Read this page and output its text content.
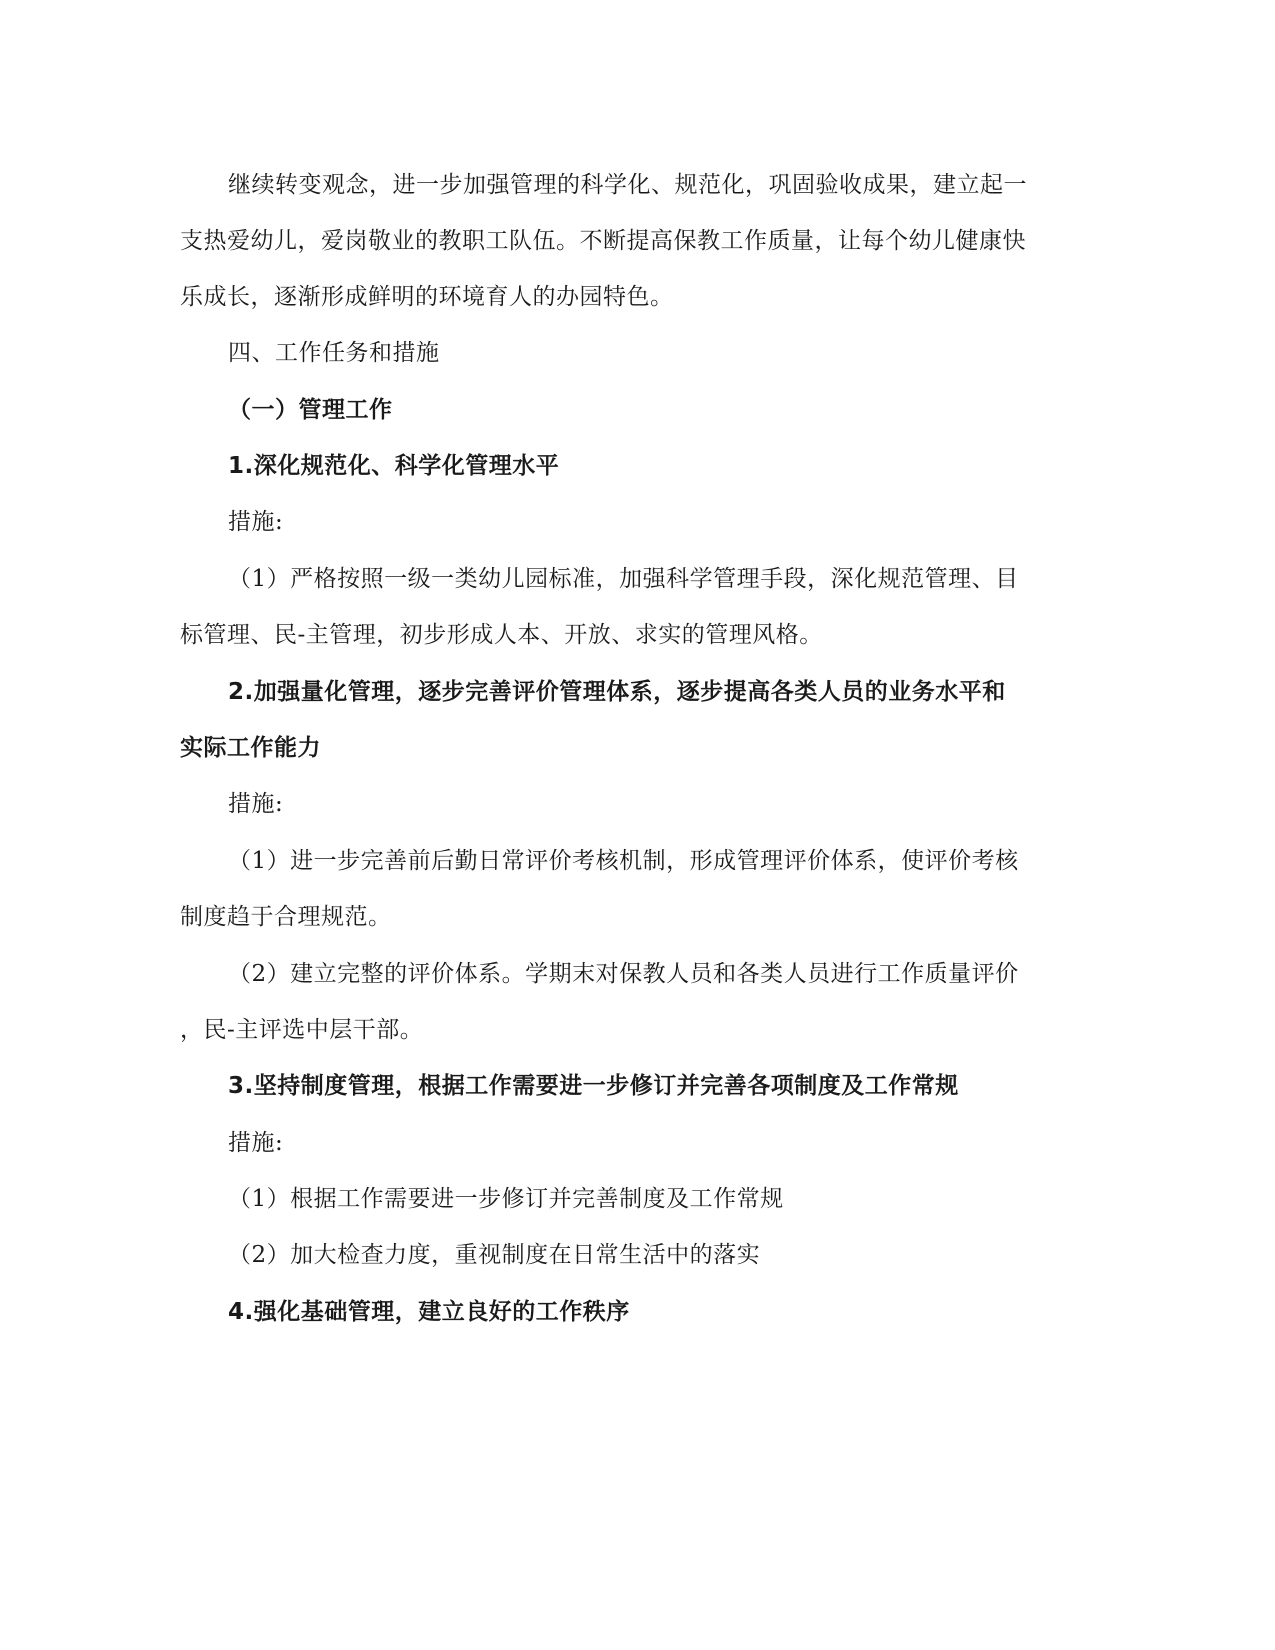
继续转变观念，进一步加强管理的科学化、规范化，巩固验收成果，建立起一

支热爱幼儿，爱岗敬业的教职工队伍。不断提高保教工作质量，让每个幼儿健康快

乐成长，逐渐形成鲜明的环境育人的办园特色。

四、工作任务和措施

（一）管理工作

1.深化规范化、科学化管理水平

措施:

（1）严格按照一级一类幼儿园标准，加强科学管理手段，深化规范管理、目

标管理、民-主管理，初步形成人本、开放、求实的管理风格。

2.加强量化管理，逐步完善评价管理体系，逐步提高各类人员的业务水平和

实际工作能力

措施:

（1）进一步完善前后勤日常评价考核机制，形成管理评价体系，使评价考核

制度趋于合理规范。

（2）建立完整的评价体系。学期末对保教人员和各类人员进行工作质量评价

，民-主评选中层干部。

3.坚持制度管理，根据工作需要进一步修订并完善各项制度及工作常规

措施:

（1）根据工作需要进一步修订并完善制度及工作常规

（2）加大检查力度，重视制度在日常生活中的落实

4.强化基础管理，建立良好的工作秩序
